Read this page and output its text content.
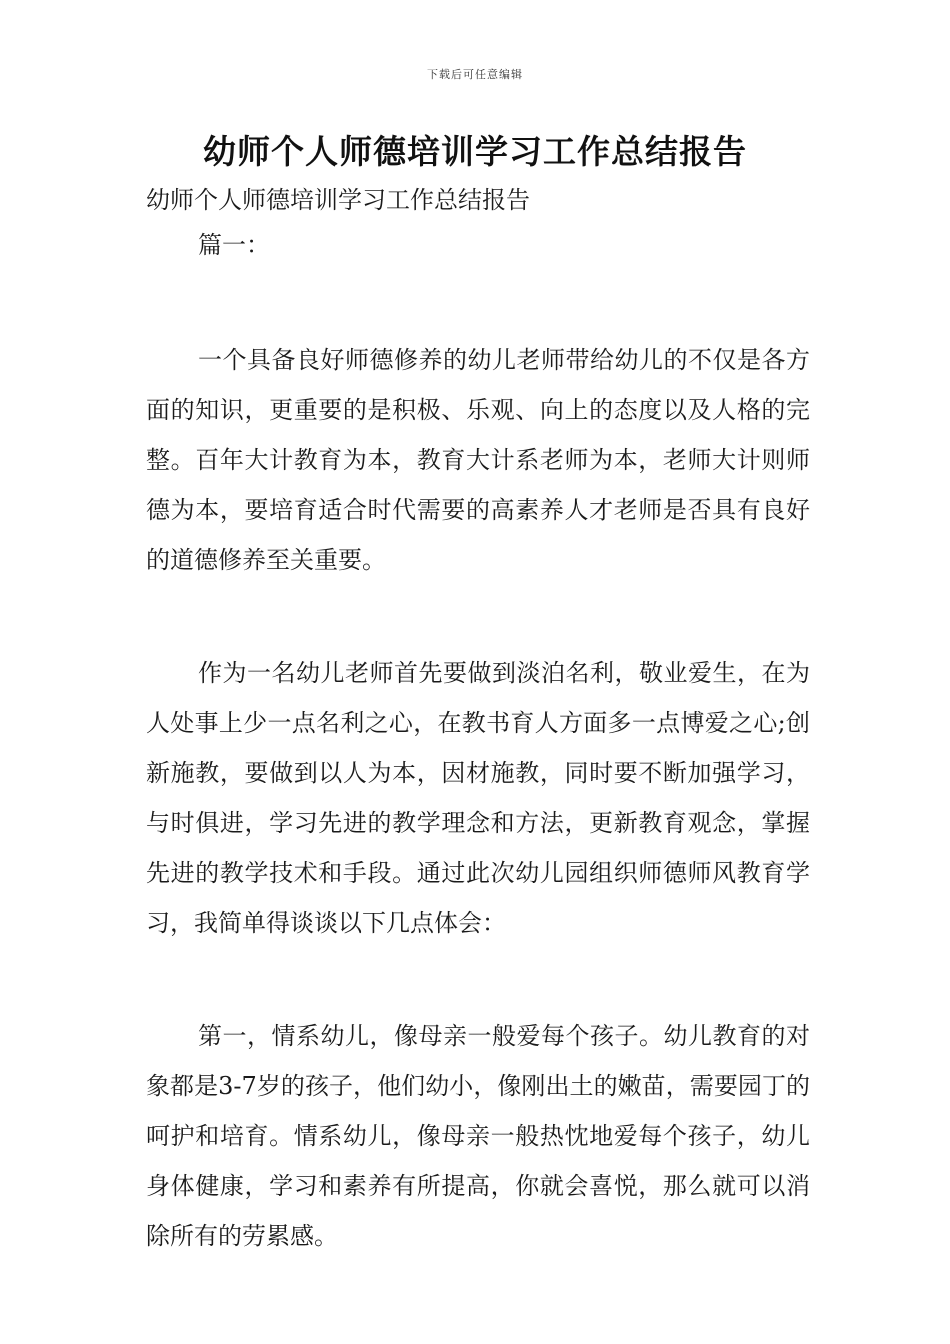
下载后可任意编辑
幼师个人师德培训学习工作总结报告

幼师个人师德培训学习工作总结报告

篇一：

一个具备良好师德修养的幼儿老师带给幼儿的不仅是各方面的知识，更重要的是积极、乐观、向上的态度以及人格的完整。百年大计教育为本，教育大计系老师为本，老师大计则师德为本，要培育适合时代需要的高素养人才老师是否具有良好的道德修养至关重要。

作为一名幼儿老师首先要做到淡泊名利，敬业爱生，在为人处事上少一点名利之心，在教书育人方面多一点博爱之心;创新施教，要做到以人为本，因材施教，同时要不断加强学习，与时俱进，学习先进的教学理念和方法，更新教育观念，掌握先进的教学技术和手段。通过此次幼儿园组织师德师风教育学习，我简单得谈谈以下几点体会：

第一，情系幼儿，像母亲一般爱每个孩子。幼儿教育的对象都是3-7岁的孩子，他们幼小，像刚出土的嫩苗，需要园丁的呵护和培育。情系幼儿，像母亲一般热忱地爱每个孩子，幼儿身体健康，学习和素养有所提高，你就会喜悦，那么就可以消除所有的劳累感。
